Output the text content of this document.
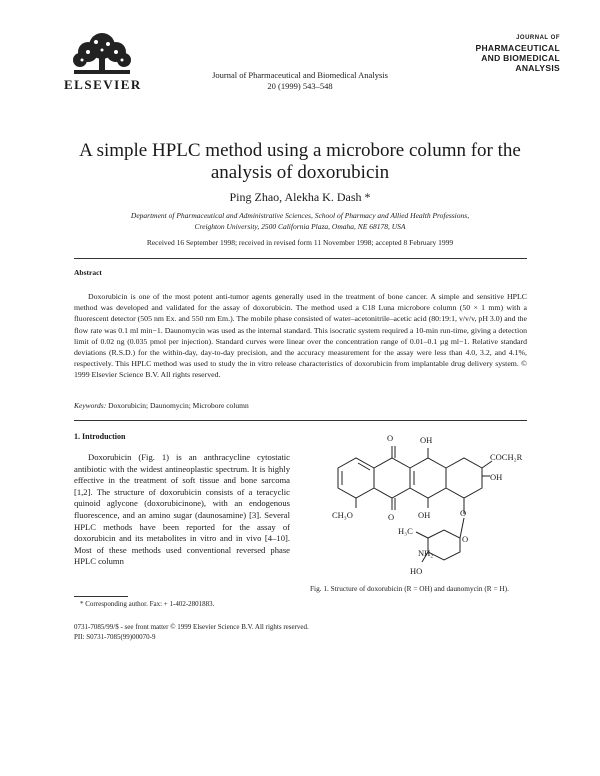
ELSEVIER
Journal of Pharmaceutical and Biomedical Analysis
20 (1999) 543–548
JOURNAL OF
PHARMACEUTICAL
AND BIOMEDICAL
ANALYSIS
A simple HPLC method using a microbore column for the
analysis of doxorubicin
Ping Zhao, Alekha K. Dash *
Department of Pharmaceutical and Administrative Sciences, School of Pharmacy and Allied Health Professions,
Creighton University, 2500 California Plaza, Omaha, NE 68178, USA
Received 16 September 1998; received in revised form 11 November 1998; accepted 8 February 1999
Abstract
Doxorubicin is one of the most potent anti-tumor agents generally used in the treatment of bone cancer. A simple and sensitive HPLC method was developed and validated for the assay of doxorubicin. The method used a C18 Luna microbore column (50 × 1 mm) with a fluorescent detector (505 nm Ex. and 550 nm Em.). The mobile phase consisted of water–acetonitrile–acetic acid (80:19:1, v/v/v, pH 3.0) and the flow rate was 0.1 ml min−1. Daunomycin was used as the internal standard. This isocratic system required a 10-min run-time, giving a detection limit of 0.02 ng (0.035 pmol per injection). Standard curves were linear over the concentration range of 0.01–0.1 µg ml−1. Relative standard deviations (R.S.D.) for the within-day, day-to-day precision, and the accuracy measurement for the assay were less than 4.0, 3.2, and 4.1%, respectively. This HPLC method was used to study the in vitro release characteristics of doxorubicin from implantable drug delivery system. © 1999 Elsevier Science B.V. All rights reserved.
Keywords: Doxorubicin; Daunomycin; Microbore column
1. Introduction
Doxorubicin (Fig. 1) is an anthracycline cytostatic antibiotic with the widest antineoplastic spectrum. It is highly effective in the treatment of soft tissue and bone sarcoma [1,2]. The structure of doxorubicin consists of a teracyclic quinoid aglycone (doxorubicinone), with an endogenous fluorescence, and an amino sugar (daunosamine) [3]. Several HPLC methods have been reported for the assay of doxorubicin and its metabolites in vitro and in vivo [4–10]. Most of these methods used conventional reversed phase HPLC column
O	OH
COCH₂R
OH
CH₃O	O	OH	O
H₃C
O
NH₂
HO
Fig. 1. Structure of doxorubicin (R = OH) and daunomycin (R = H).
* Corresponding author. Fax: + 1-402-2801883.
0731-7085/99/$ - see front matter © 1999 Elsevier Science B.V. All rights reserved.
PII: S0731-7085(99)00070-9
